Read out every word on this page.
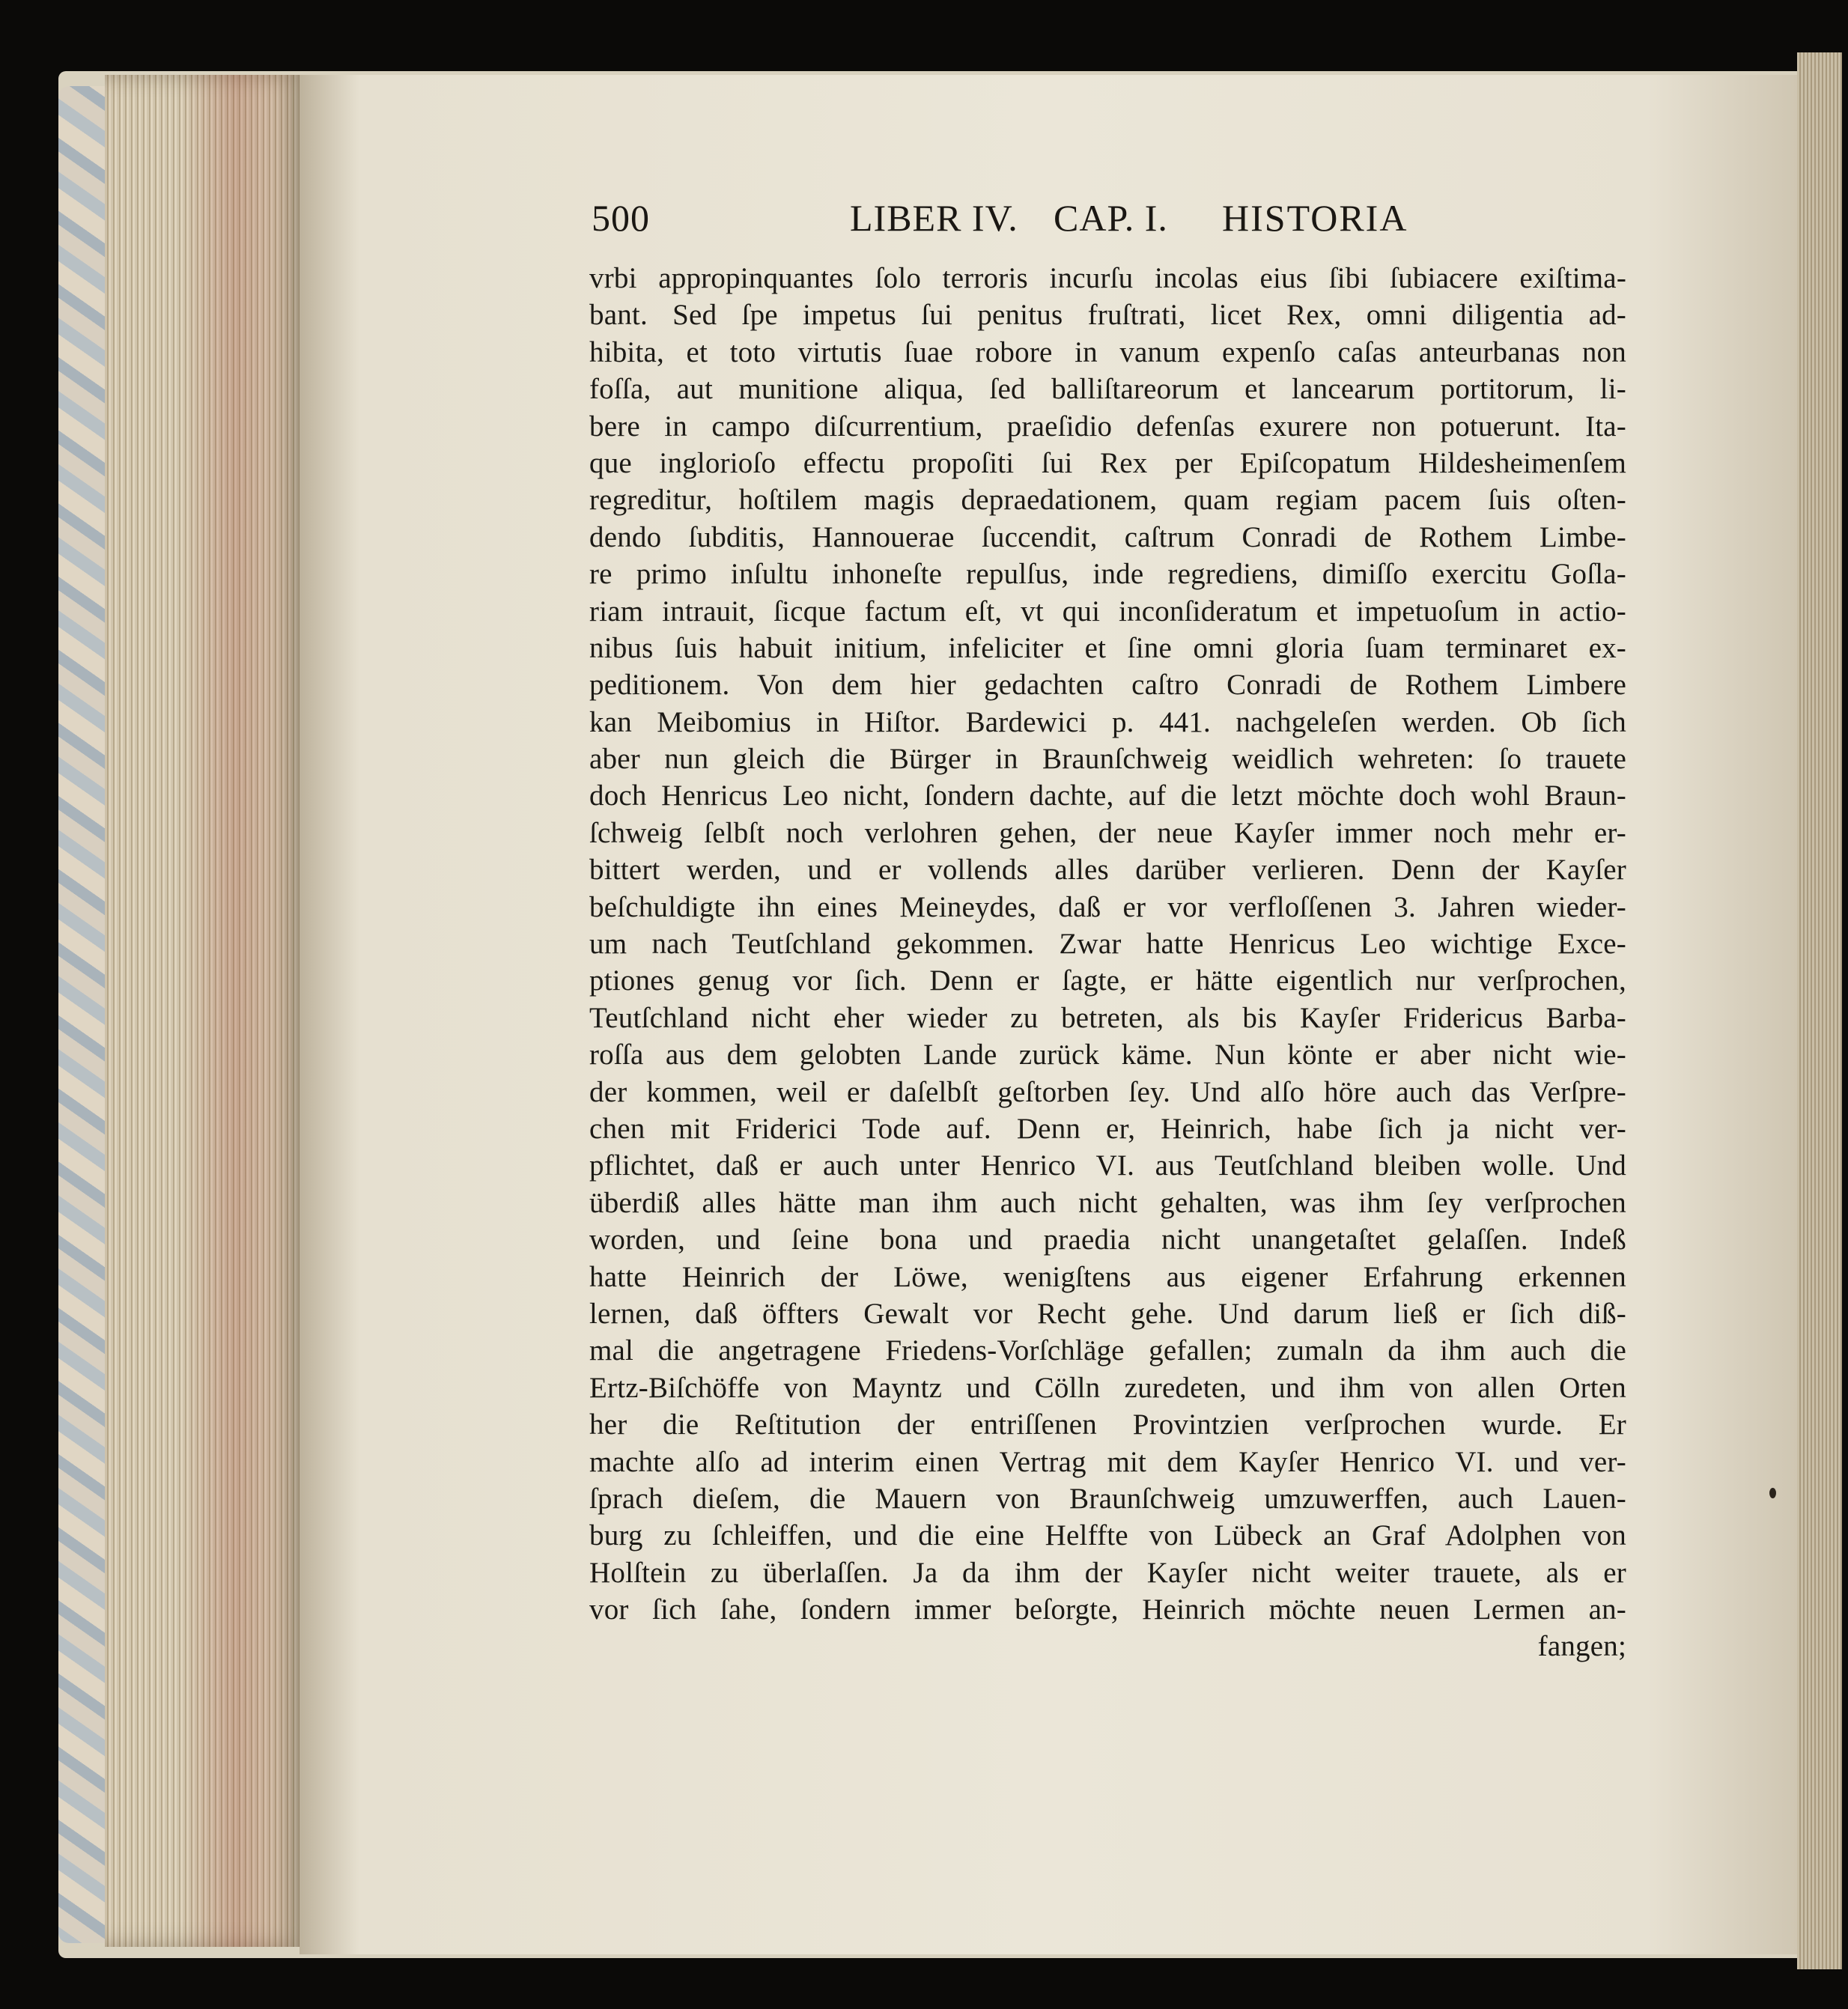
500	LIBER IV. CAP. I. HISTORIA
vrbi appropinquantes ſolo terroris incurſu incolas eius ſibi ſubiacere exiſtima-
bant. Sed ſpe impetus ſui penitus fruſtrati, licet Rex, omni diligentia ad-
hibita, et toto virtutis ſuae robore in vanum expenſo caſas anteurbanas non
foſſa, aut munitione aliqua, ſed balliſtareorum et lancearum portitorum, li-
bere in campo diſcurrentium, praeſidio defenſas exurere non potuerunt. Ita-
que inglorioſo effectu propoſiti ſui Rex per Epiſcopatum Hildesheimenſem
regreditur, hoſtilem magis depraedationem, quam regiam pacem ſuis oſten-
dendo ſubditis, Hannouerae ſuccendit, caſtrum Conradi de Rothem Limbe-
re primo inſultu inhoneſte repulſus, inde regrediens, dimiſſo exercitu Goſla-
riam intrauit, ſicque factum eſt, vt qui inconſideratum et impetuoſum in actio-
nibus ſuis habuit initium, infeliciter et ſine omni gloria ſuam terminaret ex-
peditionem. Von dem hier gedachten caſtro Conradi de Rothem Limbere
kan Meibomius in Hiſtor. Bardewici p. 441. nachgeleſen werden. Ob ſich
aber nun gleich die Bürger in Braunſchweig weidlich wehreten: ſo trauete
doch Henricus Leo nicht, ſondern dachte, auf die letzt möchte doch wohl Braun-
ſchweig ſelbſt noch verlohren gehen, der neue Kayſer immer noch mehr er-
bittert werden, und er vollends alles darüber verlieren. Denn der Kayſer
beſchuldigte ihn eines Meineydes, daß er vor verfloſſenen 3. Jahren wieder-
um nach Teutſchland gekommen. Zwar hatte Henricus Leo wichtige Exce-
ptiones genug vor ſich. Denn er ſagte, er hätte eigentlich nur verſprochen,
Teutſchland nicht eher wieder zu betreten, als bis Kayſer Fridericus Barba-
roſſa aus dem gelobten Lande zurück käme. Nun könte er aber nicht wie-
der kommen, weil er daſelbſt geſtorben ſey. Und alſo höre auch das Verſpre-
chen mit Friderici Tode auf. Denn er, Heinrich, habe ſich ja nicht ver-
pflichtet, daß er auch unter Henrico VI. aus Teutſchland bleiben wolle. Und
überdiß alles hätte man ihm auch nicht gehalten, was ihm ſey verſprochen
worden, und ſeine bona und praedia nicht unangetaſtet gelaſſen. Indeß
hatte Heinrich der Löwe, wenigſtens aus eigener Erfahrung erkennen
lernen, daß öffters Gewalt vor Recht gehe. Und darum ließ er ſich diß-
mal die angetragene Friedens-Vorſchläge gefallen; zumaln da ihm auch die
Ertz-Biſchöffe von Mayntz und Cölln zuredeten, und ihm von allen Orten
her die Reſtitution der entriſſenen Provintzien verſprochen wurde. Er
machte alſo ad interim einen Vertrag mit dem Kayſer Henrico VI. und ver-
ſprach dieſem, die Mauern von Braunſchweig umzuwerffen, auch Lauen-
burg zu ſchleiffen, und die eine Helffte von Lübeck an Graf Adolphen von
Holſtein zu überlaſſen. Ja da ihm der Kayſer nicht weiter trauete, als er
vor ſich ſahe, ſondern immer beſorgte, Heinrich möchte neuen Lermen an-
fangen;
